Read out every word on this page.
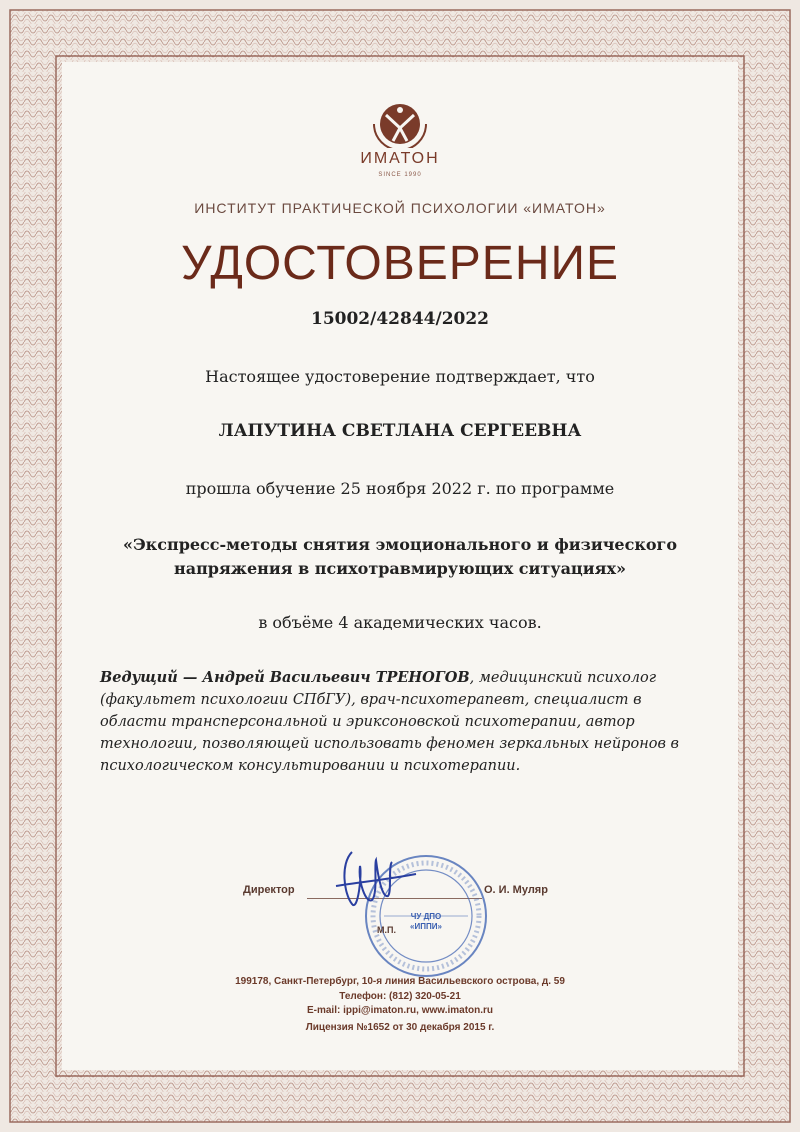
ИМАТОН
SINCE 1990
ИНСТИТУТ ПРАКТИЧЕСКОЙ ПСИХОЛОГИИ «ИМАТОН»
УДОСТОВЕРЕНИЕ
15002/42844/2022
Настоящее удостоверение подтверждает, что
ЛАПУТИНА СВЕТЛАНА СЕРГЕЕВНА
прошла обучение 25 ноября 2022 г. по программе
«Экспресс-методы снятия эмоционального и физического
напряжения в психотравмирующих ситуациях»
в объёме 4 академических часов.
Ведущий — Андрей Васильевич ТРЕНОГОВ, медицинский психолог (факультет психологии СПбГУ), врач-психотерапевт, специалист в области трансперсональной и эриксоновской психотерапии, автор технологии, позволяющей использовать феномен зеркальных нейронов в психологическом консультировании и психотерапии.
Директор	О. И. Муляр
ЧУ ДПО «ИППИ»
М.П.
199178, Санкт-Петербург, 10-я линия Васильевского острова, д. 59
Телефон: (812) 320-05-21
E-mail: ippi@imaton.ru, www.imaton.ru
Лицензия №1652 от 30 декабря 2015 г.
